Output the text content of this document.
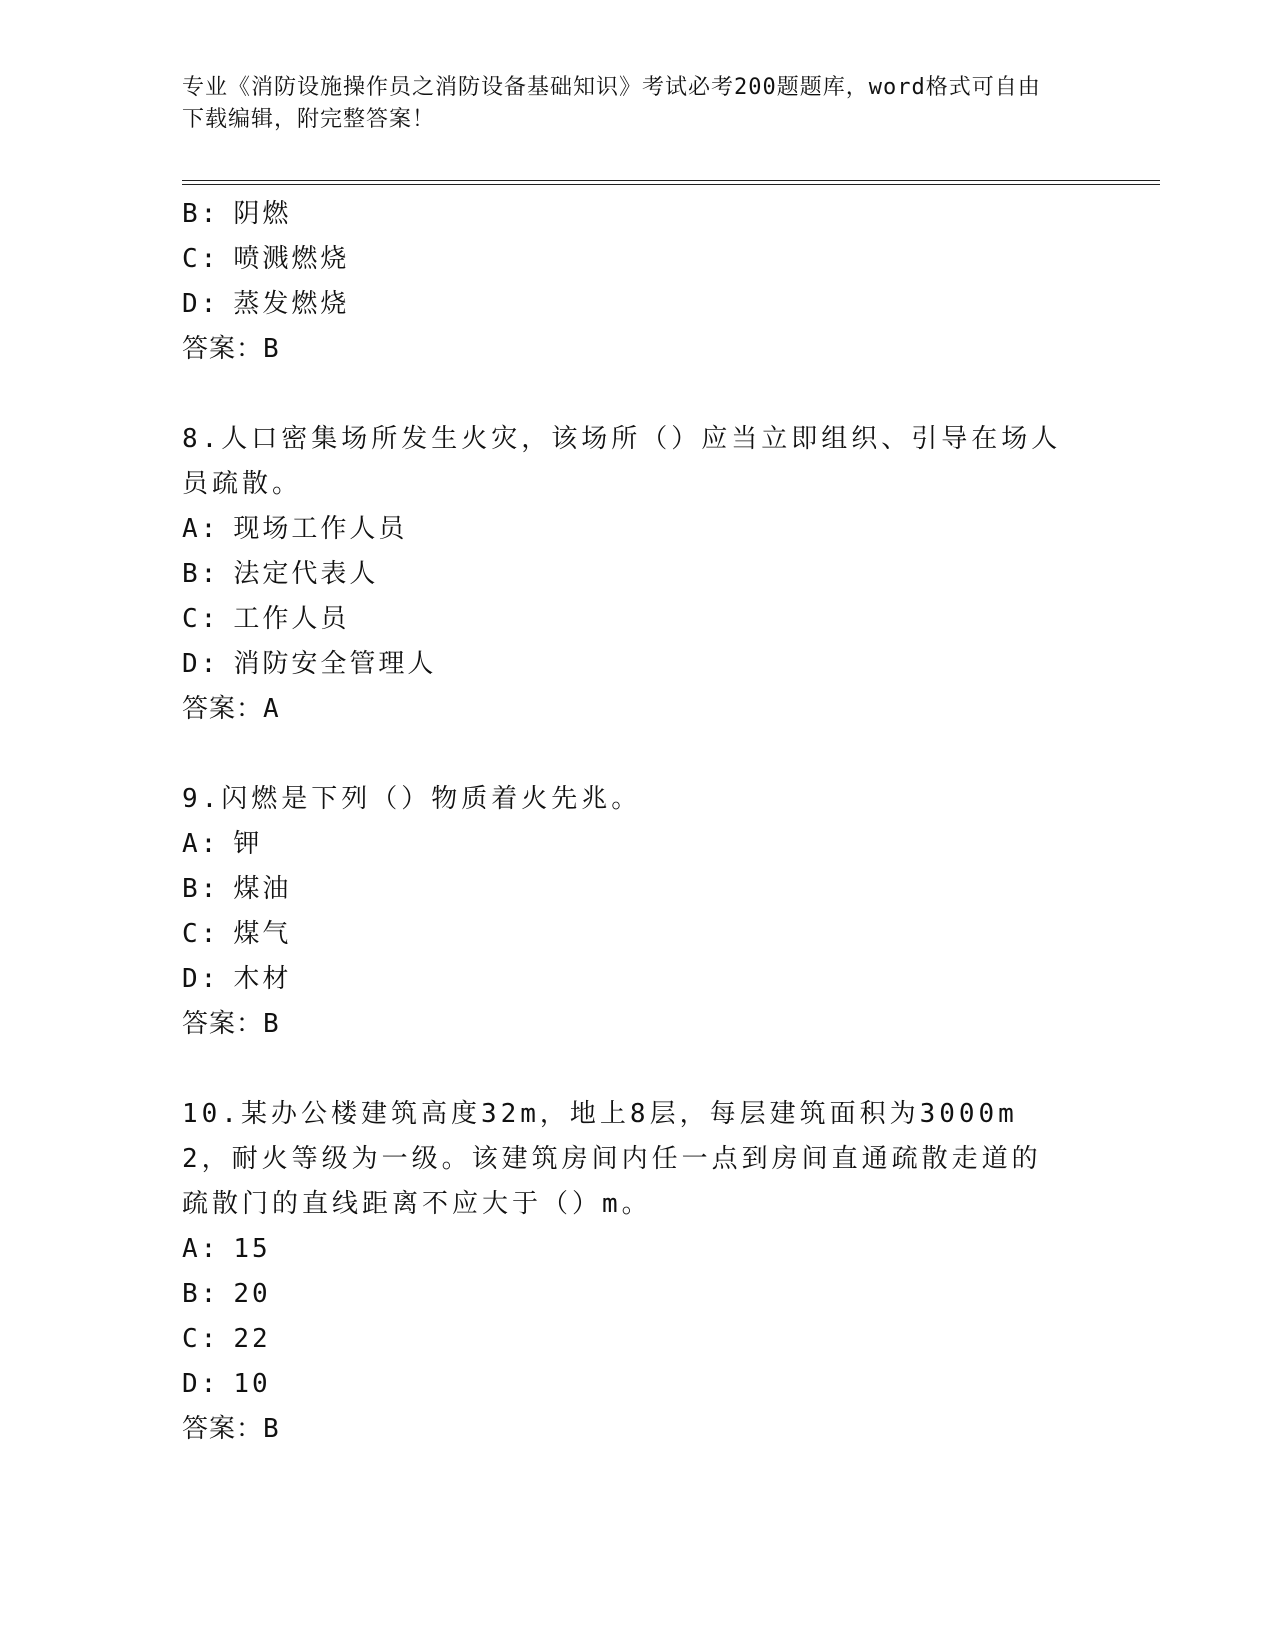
专业《消防设施操作员之消防设备基础知识》考试必考200题题库，word格式可自由下载编辑，附完整答案！
B: 阴燃
C: 喷溅燃烧
D: 蒸发燃烧
答案：B
8.人口密集场所发生火灾，该场所（）应当立即组织、引导在场人员疏散。
A: 现场工作人员
B: 法定代表人
C: 工作人员
D: 消防安全管理人
答案：A
9.闪燃是下列（）物质着火先兆。
A: 钾
B: 煤油
C: 煤气
D: 木材
答案：B
10.某办公楼建筑高度32m，地上8层，每层建筑面积为3000m2，耐火等级为一级。该建筑房间内任一点到房间直通疏散走道的疏散门的直线距离不应大于（）m。
A: 15
B: 20
C: 22
D: 10
答案：B
